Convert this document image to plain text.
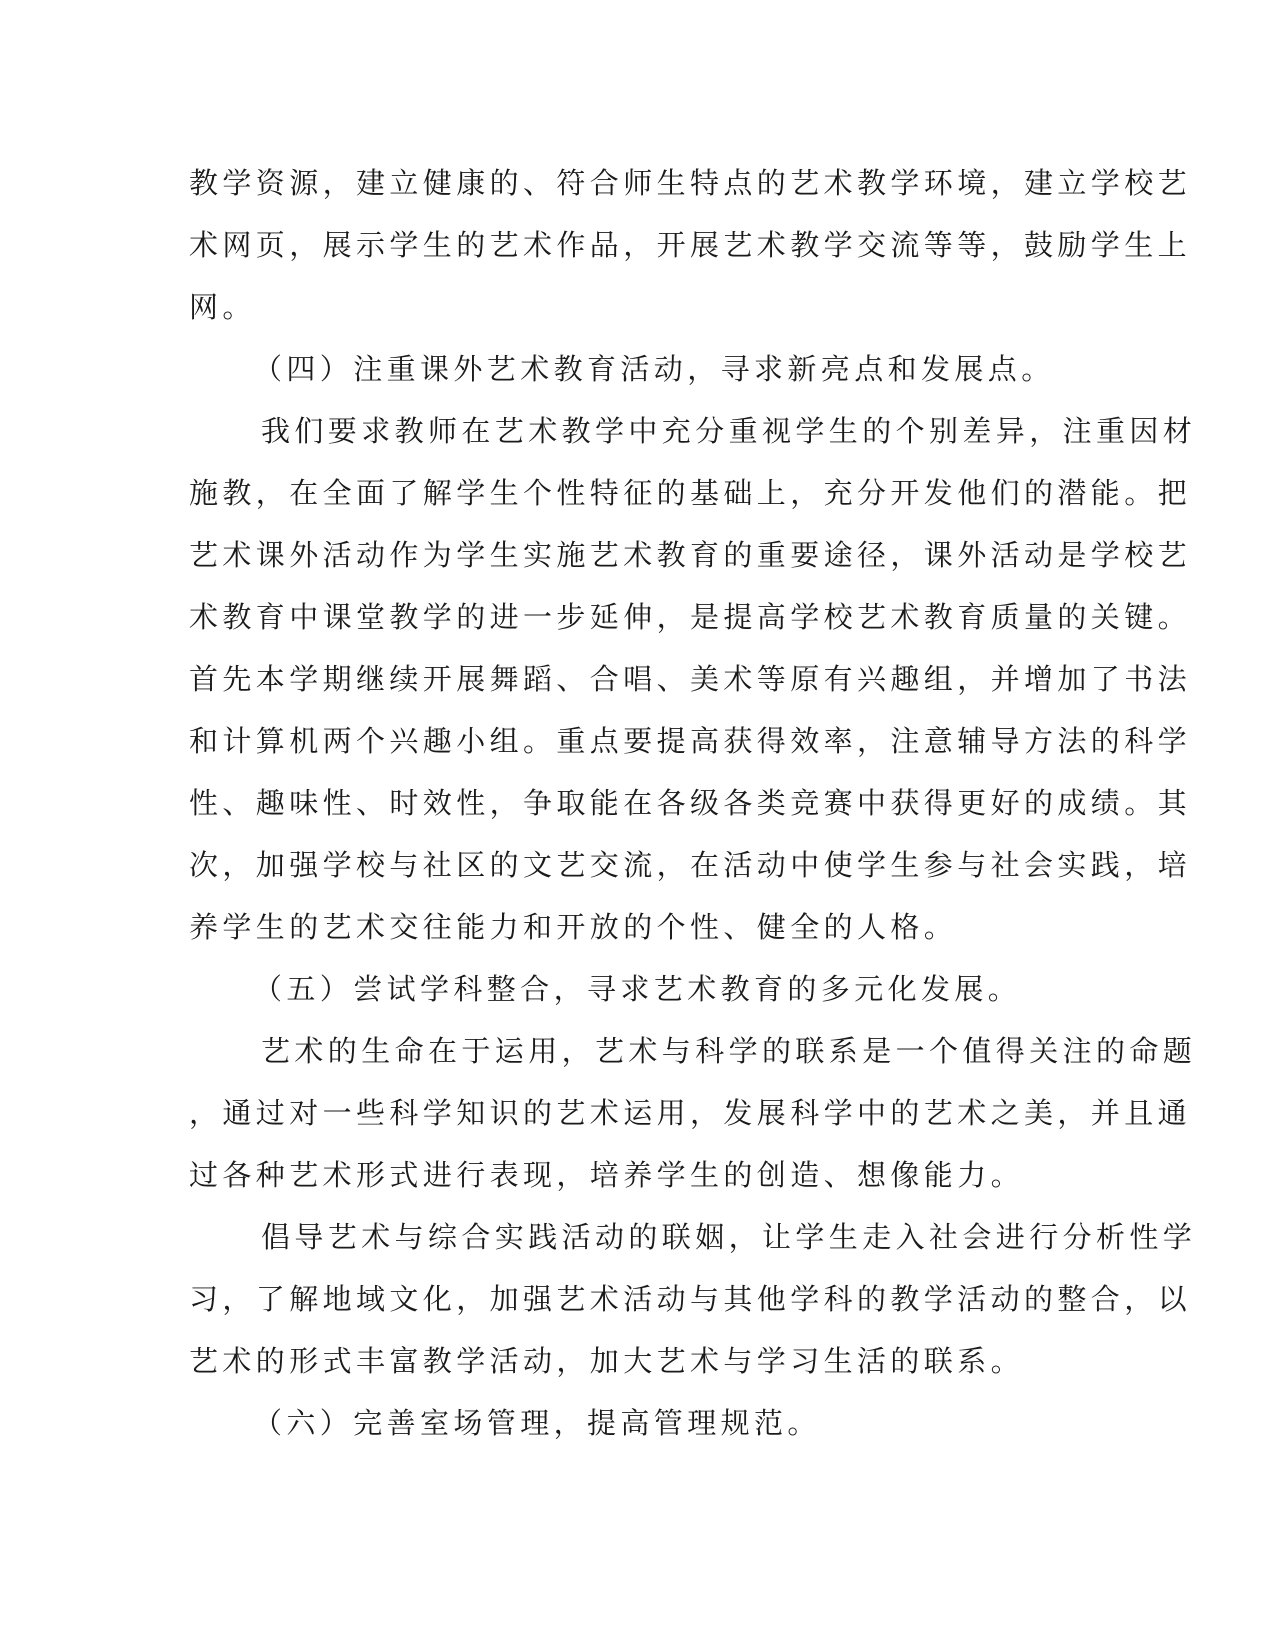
教学资源，建立健康的、符合师生特点的艺术教学环境，建立学校艺
术网页，展示学生的艺术作品，开展艺术教学交流等等，鼓励学生上
网。
（四）注重课外艺术教育活动，寻求新亮点和发展点。
我们要求教师在艺术教学中充分重视学生的个别差异，注重因材
施教，在全面了解学生个性特征的基础上，充分开发他们的潜能。把
艺术课外活动作为学生实施艺术教育的重要途径，课外活动是学校艺
术教育中课堂教学的进一步延伸，是提高学校艺术教育质量的关键。
首先本学期继续开展舞蹈、合唱、美术等原有兴趣组，并增加了书法
和计算机两个兴趣小组。重点要提高获得效率，注意辅导方法的科学
性、趣味性、时效性，争取能在各级各类竞赛中获得更好的成绩。其
次，加强学校与社区的文艺交流，在活动中使学生参与社会实践，培
养学生的艺术交往能力和开放的个性、健全的人格。
（五）尝试学科整合，寻求艺术教育的多元化发展。
艺术的生命在于运用，艺术与科学的联系是一个值得关注的命题
，通过对一些科学知识的艺术运用，发展科学中的艺术之美，并且通
过各种艺术形式进行表现，培养学生的创造、想像能力。
倡导艺术与综合实践活动的联姻，让学生走入社会进行分析性学
习，了解地域文化，加强艺术活动与其他学科的教学活动的整合，以
艺术的形式丰富教学活动，加大艺术与学习生活的联系。
（六）完善室场管理，提高管理规范。
